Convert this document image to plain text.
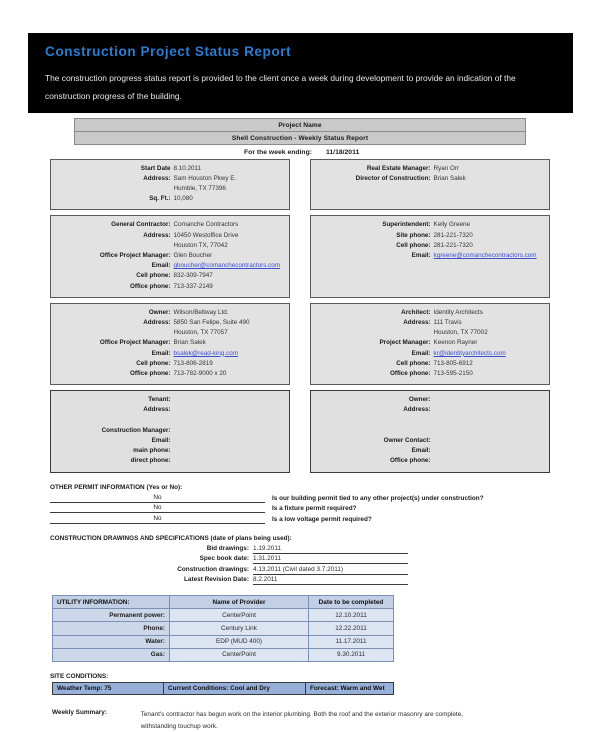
Construction Project Status Report
The construction progress status report is provided to the client once a week during development to provide an indication of the
construction progress of the building.
Project Name
Shell Construction - Weekly Status Report
For the week ending:	11/18/2011
Start Date 8.10.2011
Address: Sam Houston Pkwy E.
Humble, TX 77396
Sq. Ft.: 10,080
Real Estate Manager: Ryan Orr
Director of Construction: Brian Salek
General Contractor: Comanche Contractors
Address: 10450 Westoffice Drive
Houston TX, 77042
Office Project Manager: Glen Boucher
Email: gboucher@comanchecontractors.com
Cell phone: 832-309-7947
Office phone: 713-337-2149
Superintendent: Kelly Greene
Site phone: 281-221-7320
Cell phone: 281-221-7320
Email: kgreene@comanchecontractors.com
Owner: Wilson/Beltway Ltd.
Address: 5850 San Felipe, Suite 490
Houston, TX 77057
Office Project Manager: Brian Salek
Email: bsalek@read-king.com
Cell phone: 713-806-2819
Office phone: 713-782-9000 x 20
Architect: Identity Architects
Address: 111 Travis
Houston, TX 77002
Project Manager: Keenon Rayner
Email: kr@identityarchitects.com
Cell phone: 713-805-6912
Office phone: 713-595-2150
Tenant:
Address:
Construction Manager:
Email:
main phone:
direct phone:
Owner:
Address:
Owner Contact:
Email:
Office phone:
OTHER PERMIT INFORMATION (Yes or No):
No	Is our building permit tied to any other project(s) under construction?
No	Is a fixture permit required?
No	Is a low voltage permit required?
CONSTRUCTION DRAWINGS AND SPECIFICATIONS (date of plans being used):
Bid drawings: 1.19.2011
Spec book date: 1.31.2011
Construction drawings: 4.13.2011 (Civil dated 3.7.2011)
Latest Revision Date: 8.2.2011
UTILITY INFORMATION:	Name of Provider	Date to be completed
Permanent power:	CenterPoint	12.10.2011
Phone:	Century Link	12.22.2011
Water:	EDP (MUD 400)	11.17.2011
Gas:	CenterPoint	9.30.2011
SITE CONDITIONS:
Weather Temp: 75	Current Conditions: Cool and Dry	Forecast: Warm and Wet
Weekly Summary:	Tenant's contractor has begun work on the interior plumbing. Both the roof and the exterior masonry are complete,
withstanding touchup work.
